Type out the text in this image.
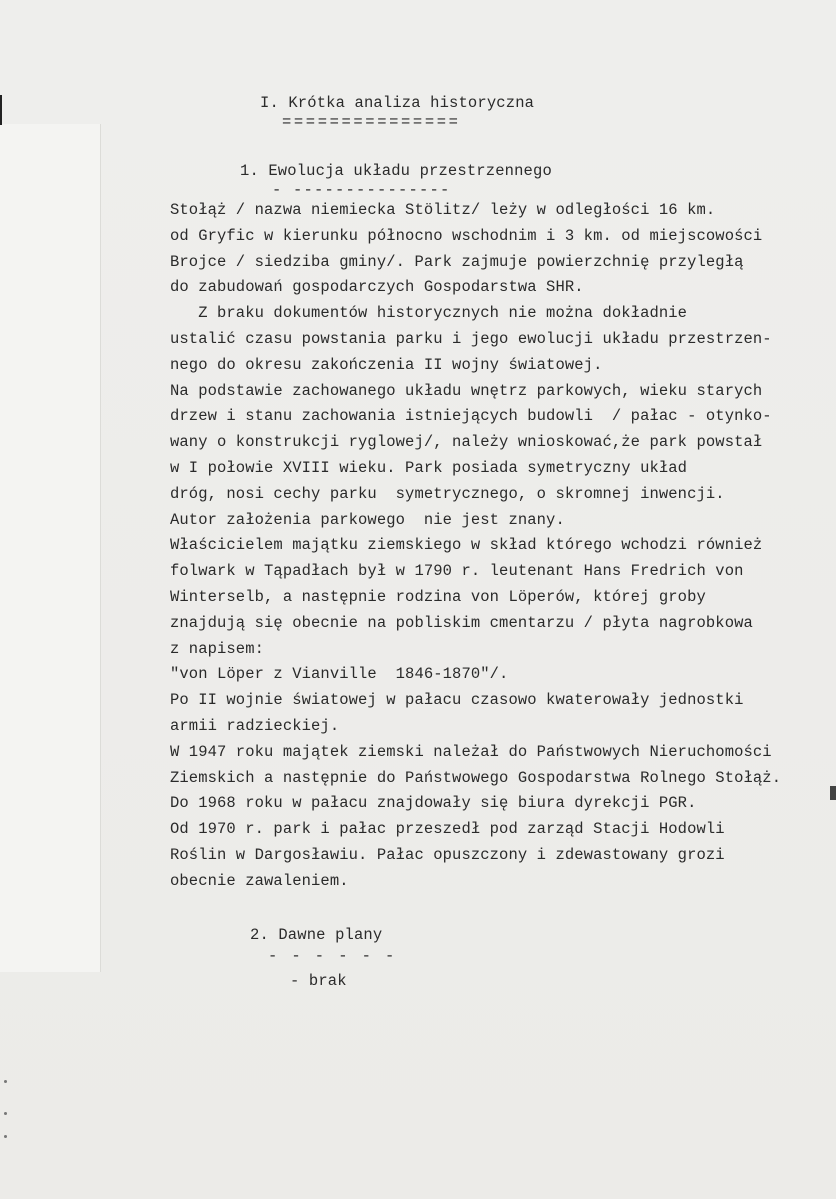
I. Krótka analiza historyczna
===============
1. Ewolucja układu przestrzennego
- ---------------
Stołąż / nazwa niemiecka Stölitz/ leży w odległości 16 km.
od Gryfic w kierunku północno wschodnim i 3 km. od miejscowości
Brojce / siedziba gminy/. Park zajmuje powierzchnię przyległą
do zabudowań gospodarczych Gospodarstwa SHR.
Z braku dokumentów historycznych nie można dokładnie
ustalić czasu powstania parku i jego ewolucji układu przestrzen-
nego do okresu zakończenia II wojny światowej.
Na podstawie zachowanego układu wnętrz parkowych, wieku starych
drzew i stanu zachowania istniejących budowli  / pałac - otynko-
wany o konstrukcji ryglowej/, należy wnioskować,że park powstał
w I połowie XVIII wieku. Park posiada symetryczny układ
dróg, nosi cechy parku  symetrycznego, o skromnej inwencji.
Autor założenia parkowego  nie jest znany.
Właścicielem majątku ziemskiego w skład którego wchodzi również
folwark w Tąpadłach był w 1790 r. leutenant Hans Fredrich von
Winterselb, a następnie rodzina von Löperów, której groby
znajdują się obecnie na pobliskim cmentarzu / płyta nagrobkowa
z napisem:
"von Löper z Vianville  1846-1870"/.
Po II wojnie światowej w pałacu czasowo kwaterowały jednostki
armii radzieckiej.
W 1947 roku majątek ziemski należał do Państwowych Nieruchomości
Ziemskich a następnie do Państwowego Gospodarstwa Rolnego Stołąż.
Do 1968 roku w pałacu znajdowały się biura dyrekcji PGR.
Od 1970 r. park i pałac przeszedł pod zarząd Stacji Hodowli
Roślin w Dargosławiu. Pałac opuszczony i zdewastowany grozi
obecnie zawaleniem.
2. Dawne plany
- - - - - -
- brak
